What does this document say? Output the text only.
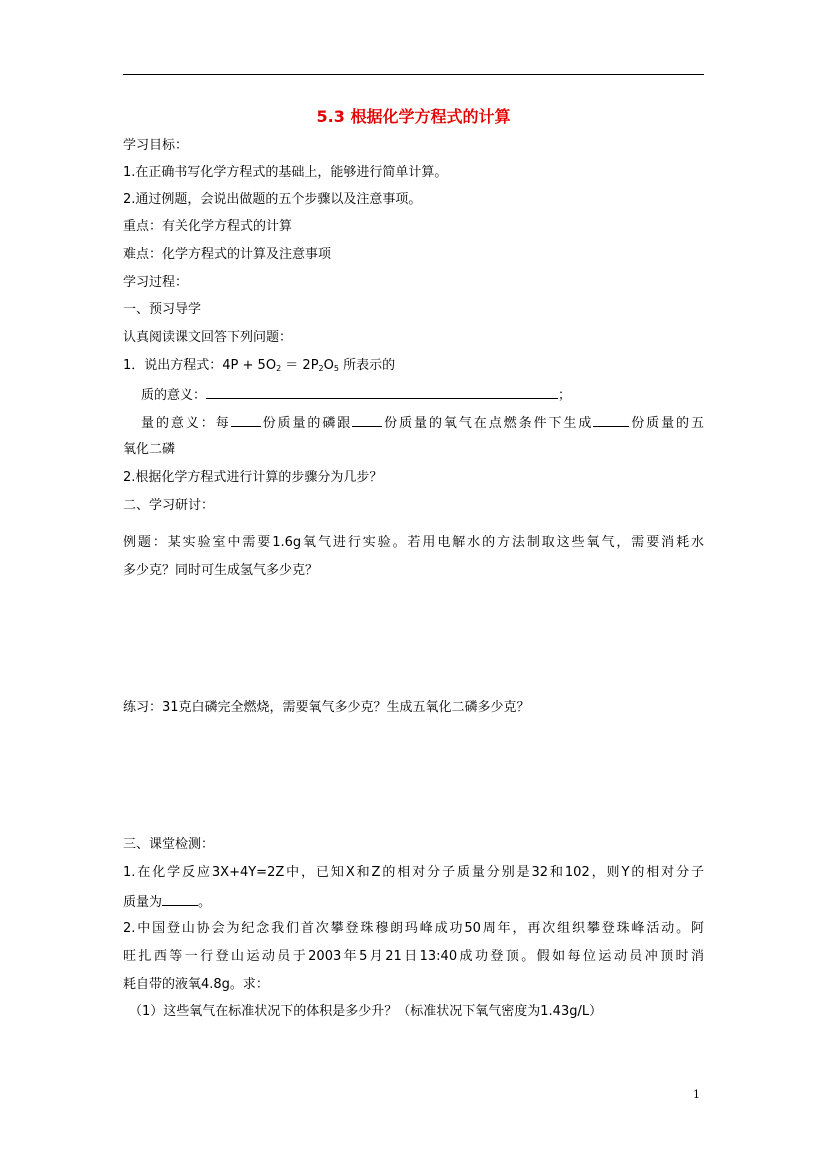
5.3 根据化学方程式的计算
学习目标：
1.在正确书写化学方程式的基础上，能够进行简单计算。
2.通过例题，会说出做题的五个步骤以及注意事项。
重点：有关化学方程式的计算
难点：化学方程式的计算及注意事项
学习过程：
一、预习导学
认真阅读课文回答下列问题：
1．说出方程式：$4P + 5O_2 = 2P_2O_5$ 所表示的
质的意义：	；
量的意义：每 份质量的磷跟 份质量的氧气在点燃条件下生成	份质量的五
氧化二磷
2.根据化学方程式进行计算的步骤分为几步？
二、学习研讨：
例题：某实验室中需要1.6g氧气进行实验。若用电解水的方法制取这些氧气，需要消耗水
多少克？同时可生成氢气多少克？
练习：31克白磷完全燃烧，需要氧气多少克？生成五氧化二磷多少克？
三、课堂检测：
1.在化学反应3X+4Y=2Z中，已知X和Z的相对分子质量分别是32和102，则Y的相对分子
质量为	。
2.中国登山协会为纪念我们首次攀登珠穆朗玛峰成功50周年，再次组织攀登珠峰活动。阿
旺扎西等一行登山运动员于2003年5月21日13:40成功登顶。假如每位运动员冲顶时消
耗自带的液氧4.8g。求：
（1）这些氧气在标准状况下的体积是多少升？（标准状况下氧气密度为1.43g/L）
1
